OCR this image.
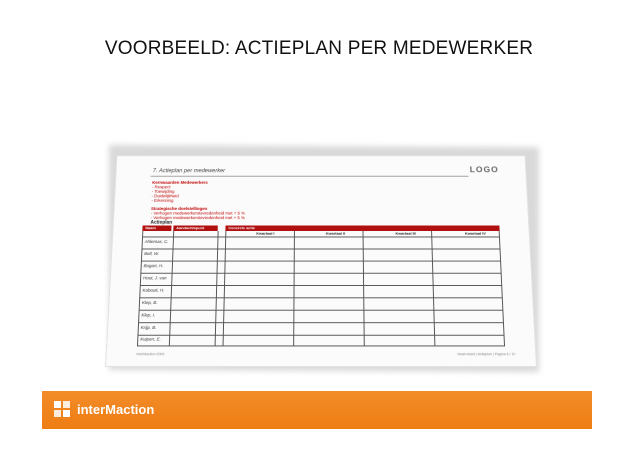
VOORBEELD: ACTIEPLAN PER MEDEWERKER
7. Actieplan per medewerker	LOGO
Kernwaarden Medewerkers
- Respect
- Toewijding
- Duidelijkheid
- Erkenning
Strategische doelstellingen
- Verhogen medewerkerstevredenheid met + 5 %
- Verhogen medewerkerstevredenheid met + 5 %
Actieplan
Naam	Aandachtspunt	Concrete actie
Kwartaal I	Kwartaal II	Kwartaal III	Kwartaal IV
Ahlemas, C.
Bell, W.
Bogart, H.
Hout, J. van
Kabouti, H.
Klep, B.
Klep, I.
Krijp, B.
Kuipen, E.
interMaction 2009	Naam klant | Actieplan | Pagina 6 / 10
interMaction
